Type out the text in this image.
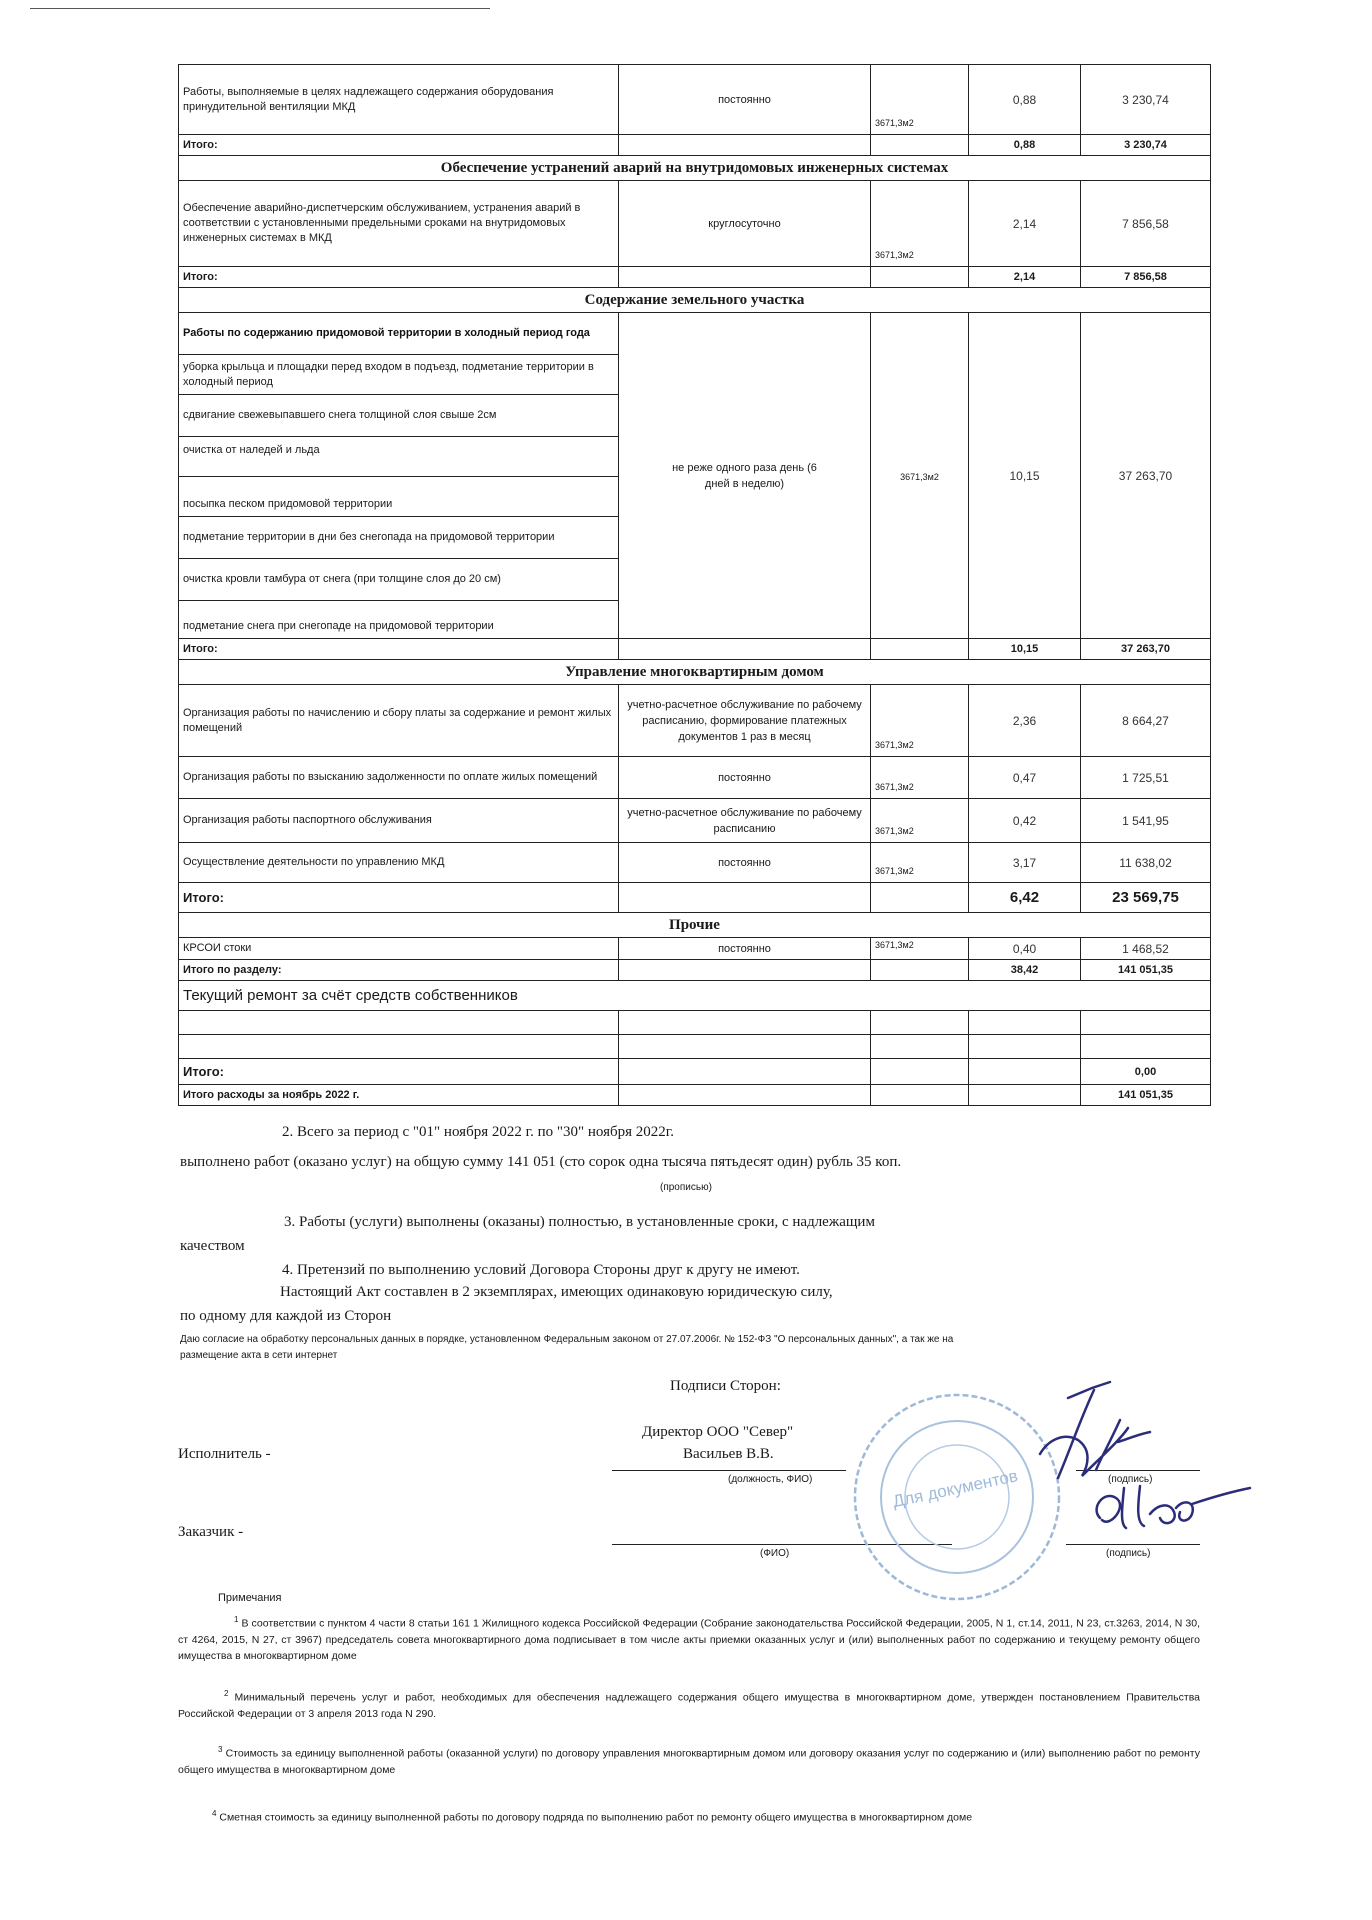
Работы, выполняемые в целях надлежащего содержания оборудования принудительной вентиляции МКД	постоянно	3671,3м2	0,88	3 230,74
Итого:			0,88	3 230,74
Обеспечение устранений аварий на внутридомовых инженерных системах				
Обеспечение аварийно-диспетчерским обслуживанием, устранения аварий в соответствии с установленными предельными сроками на внутридомовых инженерных системах в МКД	круглосуточно	3671,3м2	2,14	7 856,58
Итого:			2,14	7 856,58
Содержание земельного участка				
Работы по содержанию придомовой территории в холодный период года	не реже одного раза день (6 дней в неделю)	3671,3м2	10,15	37 263,70
уборка крыльца и площадки перед входом в подъезд, подметание территории в холодный период				
сдвигание свежевыпавшего снега толщиной слоя свыше 2см				
очистка от наледей и льда				
посыпка песком придомовой территории				
подметание территории в дни без снегопада на придомовой территории				
очистка кровли тамбура от снега (при толщине слоя до 20 см)				
подметание снега при снегопаде на придомовой территории				
Итого:			10,15	37 263,70
Управление многоквартирным домом				
Организация работы по начислению и сбору платы за содержание и ремонт жилых помещений	учетно-расчетное обслуживание по рабочему расписанию, формирование платежных документов 1 раз в месяц	3671,3м2	2,36	8 664,27
Организация работы по взысканию задолженности по оплате жилых помещений	постоянно	3671,3м2	0,47	1 725,51
Организация работы паспортного обслуживания	учетно-расчетное обслуживание по рабочему расписанию	3671,3м2	0,42	1 541,95
Осуществление деятельности по управлению МКД	постоянно	3671,3м2	3,17	11 638,02
Итого:			6,42	23 569,75
Прочие				
КРСОИ стоки	постоянно	3671,3м2	0,40	1 468,52
Итого по разделу:			38,42	141 051,35
Текущий ремонт за счёт средств собственников				

Итого:				0,00
Итого расходы за ноябрь 2022 г.				141 051,35
2. Всего за период с "01" ноября 2022 г. по "30" ноября 2022г.
выполнено работ (оказано услуг) на общую сумму 141 051 (сто сорок одна тысяча пятьдесят один) рубль 35 коп.
(прописью)
3. Работы (услуги) выполнены (оказаны) полностью, в установленные сроки, с надлежащим
качеством
4. Претензий по выполнению условий Договора Стороны друг к другу не имеют.
Настоящий Акт составлен в 2 экземплярах, имеющих одинаковую юридическую силу,
по одному для каждой из Сторон
Даю согласие на обработку персональных данных в порядке, установленном Федеральным законом от 27.07.2006г. № 152-ФЗ "О персональных данных", а так же на
размещение акта в сети интернет
Подписи Сторон:
Директор ООО "Север"
Васильев В.В.
Исполнитель -
(должность, ФИО)	(подпись)
Заказчик -
(ФИО)	(подпись)
Для документов
Примечания
$^1$ В соответствии с пунктом 4 части 8 статьи 161 1 Жилищного кодекса Российской Федерации (Собрание законодательства Российской Федерации, 2005, N 1, ст.14, 2011, N 23, ст.3263, 2014, N 30, ст 4264, 2015, N 27, ст 3967) председатель совета многоквартирного дома подписывает в том числе акты приемки оказанных услуг и (или) выполненных работ по содержанию и текущему ремонту общего имущества в многоквартирном доме
$^2$ Минимальный перечень услуг и работ, необходимых для обеспечения надлежащего содержания общего имущества в многоквартирном доме, утвержден постановлением Правительства Российской Федерации от 3 апреля 2013 года N 290.
$^3$ Стоимость за единицу выполненной работы (оказанной услуги) по договору управления многоквартирным домом или договору оказания услуг по содержанию и (или) выполнению работ по ремонту общего имущества в многоквартирном доме
$^4$ Сметная стоимость за единицу выполненной работы по договору подряда по выполнению работ по ремонту общего имущества в многоквартирном доме
